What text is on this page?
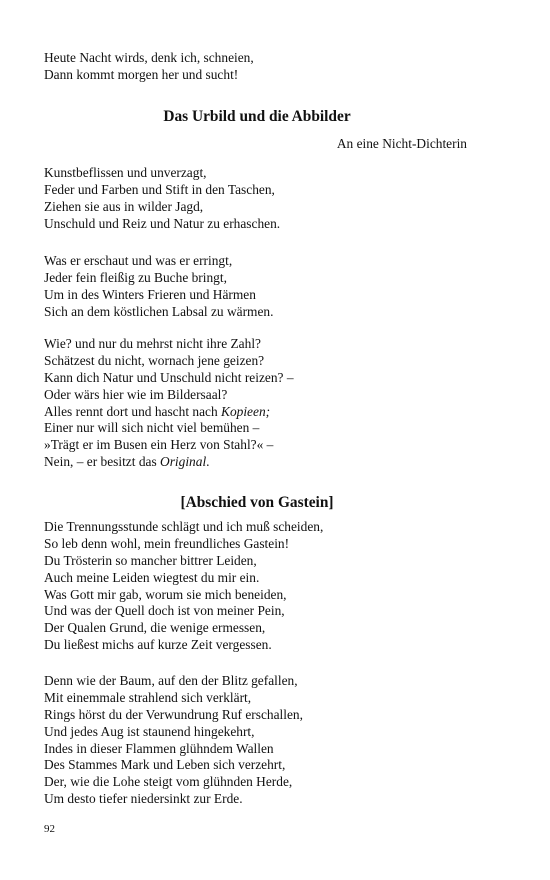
Heute Nacht wirds, denk ich, schneien,
Dann kommt morgen her und sucht!
Das Urbild und die Abbilder
An eine Nicht-Dichterin
Kunstbeflissen und unverzagt,
Feder und Farben und Stift in den Taschen,
Ziehen sie aus in wilder Jagd,
Unschuld und Reiz und Natur zu erhaschen.
Was er erschaut und was er erringt,
Jeder fein fleißig zu Buche bringt,
Um in des Winters Frieren und Härmen
Sich an dem köstlichen Labsal zu wärmen.
Wie? und nur du mehrst nicht ihre Zahl?
Schätzest du nicht, wornach jene geizen?
Kann dich Natur und Unschuld nicht reizen? –
Oder wärs hier wie im Bildersaal?
Alles rennt dort und hascht nach Kopieen;
Einer nur will sich nicht viel bemühen –
»Trägt er im Busen ein Herz von Stahl?« –
Nein, – er besitzt das Original.
[Abschied von Gastein]
Die Trennungsstunde schlägt und ich muß scheiden,
So leb denn wohl, mein freundliches Gastein!
Du Trösterin so mancher bittrer Leiden,
Auch meine Leiden wiegtest du mir ein.
Was Gott mir gab, worum sie mich beneiden,
Und was der Quell doch ist von meiner Pein,
Der Qualen Grund, die wenige ermessen,
Du ließest michs auf kurze Zeit vergessen.
Denn wie der Baum, auf den der Blitz gefallen,
Mit einemmale strahlend sich verklärt,
Rings hörst du der Verwundrung Ruf erschallen,
Und jedes Aug ist staunend hingekehrt,
Indes in dieser Flammen glühndem Wallen
Des Stammes Mark und Leben sich verzehrt,
Der, wie die Lohe steigt vom glühnden Herde,
Um desto tiefer niedersinkt zur Erde.
92
